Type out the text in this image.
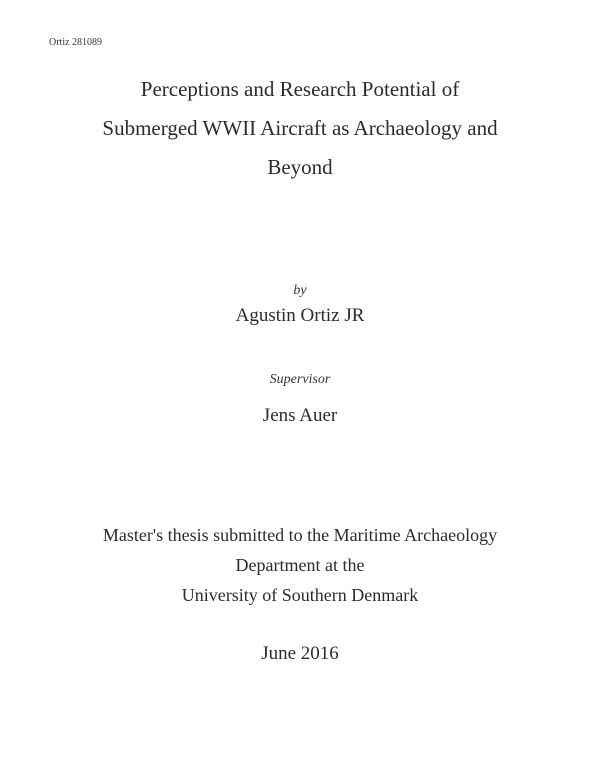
Ortiz 281089
Perceptions and Research Potential of
Submerged WWII Aircraft as Archaeology and
Beyond
by
Agustin Ortiz JR
Supervisor
Jens Auer
Master's thesis submitted to the Maritime Archaeology
Department at the
University of Southern Denmark
June 2016
